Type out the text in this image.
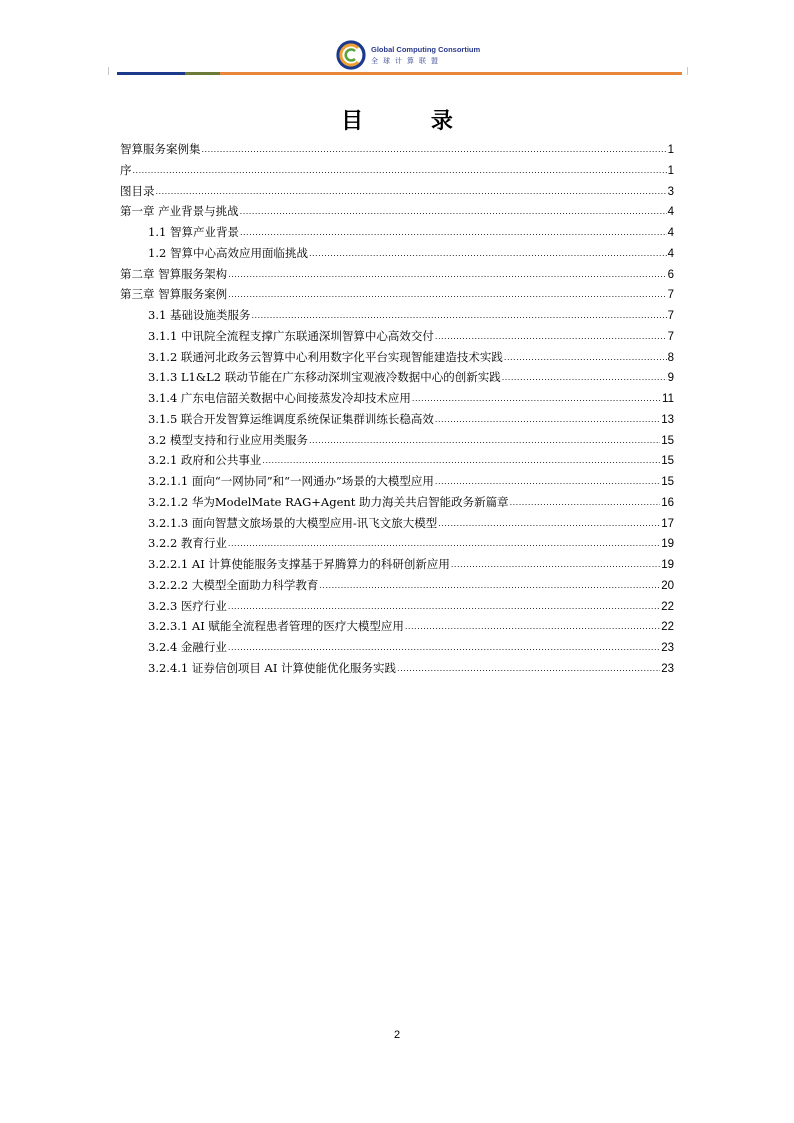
Global Computing Consortium
全球计算联盟
目 录
智算服务案例集 .....	1
序 .....	1
图目录 .....	3
第一章 产业背景与挑战 .....	4
1.1 智算产业背景 .....	4
1.2 智算中心高效应用面临挑战 .....	4
第二章 智算服务架构 .....	6
第三章 智算服务案例 .....	7
3.1 基础设施类服务 .....	7
3.1.1 中讯院全流程支撑广东联通深圳智算中心高效交付 .....	7
3.1.2 联通河北政务云智算中心利用数字化平台实现智能建造技术实践 .....	8
3.1.3 L1&L2 联动节能在广东移动深圳宝观液冷数据中心的创新实践 .....	9
3.1.4 广东电信韶关数据中心间接蒸发冷却技术应用 .....	11
3.1.5 联合开发智算运维调度系统保证集群训练长稳高效 .....	13
3.2 模型支持和行业应用类服务 .....	15
3.2.1 政府和公共事业 .....	15
3.2.1.1 面向“一网协同”和“一网通办”场景的大模型应用 .....	15
3.2.1.2 华为ModelMate RAG+Agent 助力海关共启智能政务新篇章 .....	16
3.2.1.3 面向智慧文旅场景的大模型应用-讯飞文旅大模型 .....	17
3.2.2 教育行业 .....	19
3.2.2.1 AI 计算使能服务支撑基于昇腾算力的科研创新应用 .....	19
3.2.2.2 大模型全面助力科学教育 .....	20
3.2.3 医疗行业 .....	22
3.2.3.1 AI 赋能全流程患者管理的医疗大模型应用 .....	22
3.2.4 金融行业 .....	23
3.2.4.1 证券信创项目 AI 计算使能优化服务实践 .....	23
2
